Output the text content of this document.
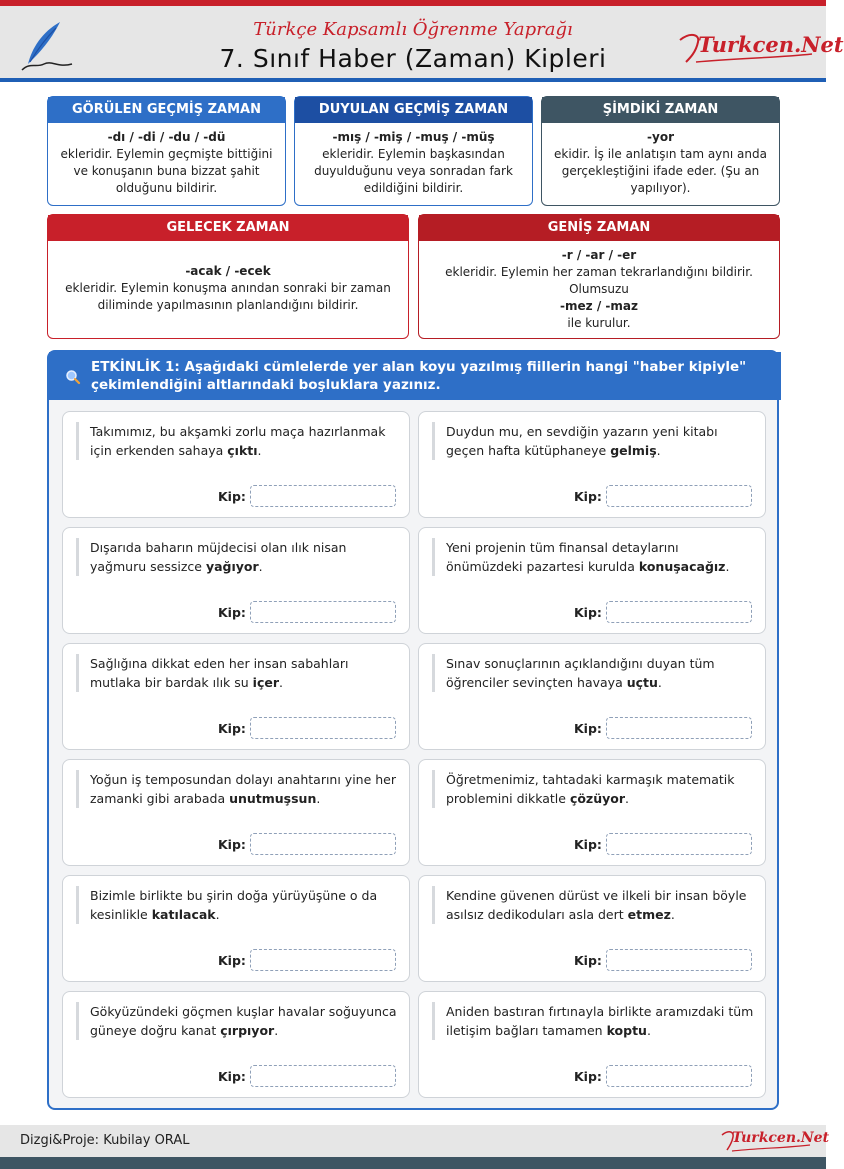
Türkçe Kapsamlı Öğrenme Yaprağı
7. Sınıf Haber (Zaman) Kipleri	Turkcen.Net
GÖRÜLEN GEÇMİŞ ZAMAN
-dı / -di / -du / -dü
ekleridir. Eylemin geçmişte bittiğini ve konuşanın buna bizzat şahit olduğunu bildirir.
DUYULAN GEÇMİŞ ZAMAN
-mış / -miş / -muş / -müş
ekleridir. Eylemin başkasından duyulduğunu veya sonradan fark edildiğini bildirir.
ŞİMDİKİ ZAMAN
-yor
ekidir. İş ile anlatışın tam aynı anda gerçekleştiğini ifade eder. (Şu an yapılıyor).
GELECEK ZAMAN
-acak / -ecek
ekleridir. Eylemin konuşma anından sonraki bir zaman diliminde yapılmasının planlandığını bildirir.
GENİŞ ZAMAN
-r / -ar / -er
ekleridir. Eylemin her zaman tekrarlandığını bildirir.
Olumsuzu
-mez / -maz
ile kurulur.
ETKİNLİK 1: Aşağıdaki cümlelerde yer alan koyu yazılmış fiillerin hangi "haber kipiyle" çekimlendiğini altlarındaki boşluklara yazınız.
Takımımız, bu akşamki zorlu maça hazırlanmak için erkenden sahaya çıktı.
Kip:
Duydun mu, en sevdiğin yazarın yeni kitabı geçen hafta kütüphaneye gelmiş.
Kip:
Dışarıda baharın müjdecisi olan ılık nisan yağmuru sessizce yağıyor.
Kip:
Yeni projenin tüm finansal detaylarını önümüzdeki pazartesi kurulda konuşacağız.
Kip:
Sağlığına dikkat eden her insan sabahları mutlaka bir bardak ılık su içer.
Kip:
Sınav sonuçlarının açıklandığını duyan tüm öğrenciler sevinçten havaya uçtu.
Kip:
Yoğun iş temposundan dolayı anahtarını yine her zamanki gibi arabada unutmuşsun.
Kip:
Öğretmenimiz, tahtadaki karmaşık matematik problemini dikkatle çözüyor.
Kip:
Bizimle birlikte bu şirin doğa yürüyüşüne o da kesinlikle katılacak.
Kip:
Kendine güvenen dürüst ve ilkeli bir insan böyle asılsız dedikoduları asla dert etmez.
Kip:
Gökyüzündeki göçmen kuşlar havalar soğuyunca güneye doğru kanat çırpıyor.
Kip:
Aniden bastıran fırtınayla birlikte aramızdaki tüm iletişim bağları tamamen koptu.
Kip:
Dizgi&Proje: Kubilay ORAL	Turkcen.Net
